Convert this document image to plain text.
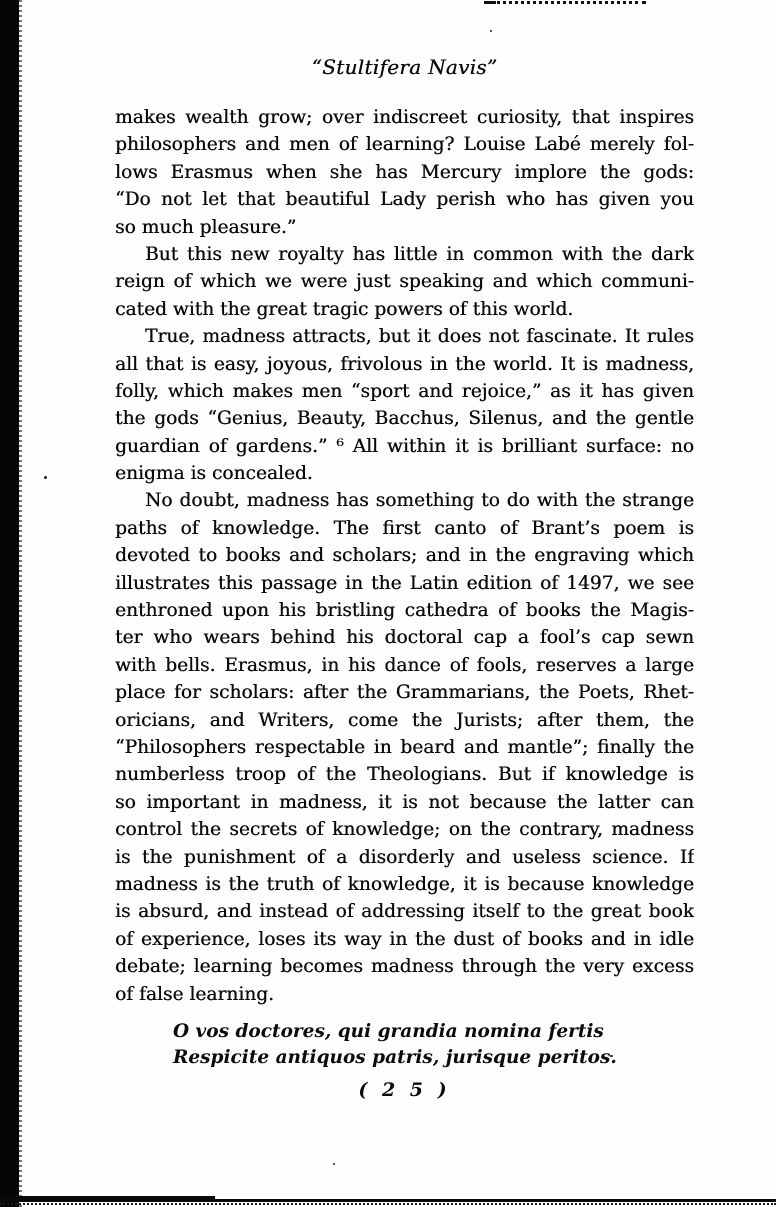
“Stultifera Navis”
makes wealth grow; over indiscreet curiosity, that inspires
philosophers and men of learning? Louise Labé merely fol-
lows Erasmus when she has Mercury implore the gods:
“Do not let that beautiful Lady perish who has given you
so much pleasure.”
But this new royalty has little in common with the dark
reign of which we were just speaking and which communi-
cated with the great tragic powers of this world.
True, madness attracts, but it does not fascinate. It rules
all that is easy, joyous, frivolous in the world. It is madness,
folly, which makes men “sport and rejoice,” as it has given
the gods “Genius, Beauty, Bacchus, Silenus, and the gentle
guardian of gardens.” ⁶ All within it is brilliant surface: no
enigma is concealed.
No doubt, madness has something to do with the strange
paths of knowledge. The first canto of Brant’s poem is
devoted to books and scholars; and in the engraving which
illustrates this passage in the Latin edition of 1497, we see
enthroned upon his bristling cathedra of books the Magis-
ter who wears behind his doctoral cap a fool’s cap sewn
with bells. Erasmus, in his dance of fools, reserves a large
place for scholars: after the Grammarians, the Poets, Rhet-
oricians, and Writers, come the Jurists; after them, the
“Philosophers respectable in beard and mantle”; finally the
numberless troop of the Theologians. But if knowledge is
so important in madness, it is not because the latter can
control the secrets of knowledge; on the contrary, madness
is the punishment of a disorderly and useless science. If
madness is the truth of knowledge, it is because knowledge
is absurd, and instead of addressing itself to the great book
of experience, loses its way in the dust of books and in idle
debate; learning becomes madness through the very excess
of false learning.
O vos doctores, qui grandia nomina fertis
Respicite antiquos patris, jurisque peritos.
( 2 5 )
